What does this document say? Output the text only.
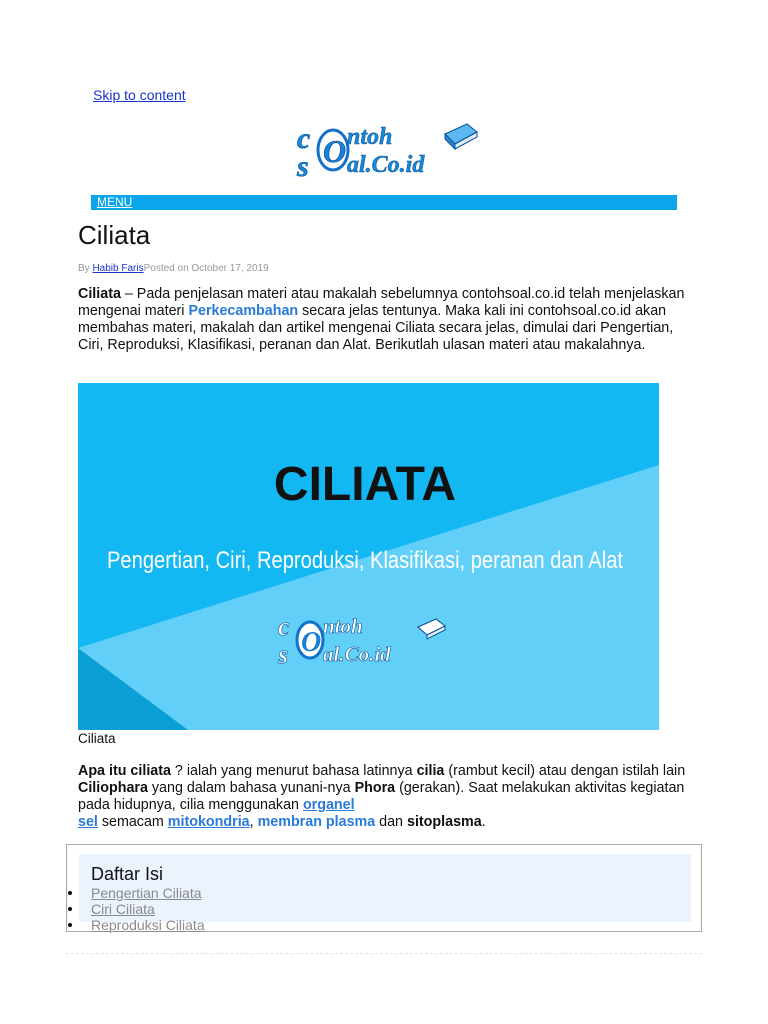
Skip to content
c
s O ntoh
al.Co.id
MENU
Ciliata
By Habib FarisPosted on October 17, 2019

Ciliata – Pada penjelasan materi atau makalah sebelumnya contohsoal.co.id telah menjelaskan mengenai materi Perkecambahan secara jelas tentunya. Maka kali ini contohsoal.co.id akan membahas materi, makalah dan artikel mengenai Ciliata secara jelas, dimulai dari Pengertian, Ciri, Reproduksi, Klasifikasi, peranan dan Alat. Berikutlah ulasan materi atau makalahnya.

CILIATA
Pengertian, Ciri, Reproduksi, Klasifikasi, peranan dan Alat
c
s O
ntoh
al.Co.id
Ciliata

Apa itu ciliata ? ialah yang menurut bahasa latinnya cilia (rambut kecil) atau dengan istilah lain Ciliophara yang dalam bahasa yunani-nya Phora (gerakan). Saat melakukan aktivitas kegiatan pada hidupnya, cilia menggunakan organel
sel semacam mitokondria, membran plasma dan sitoplasma.

Daftar Isi
Pengertian Ciliata
Ciri Ciliata
Reproduksi Ciliata
